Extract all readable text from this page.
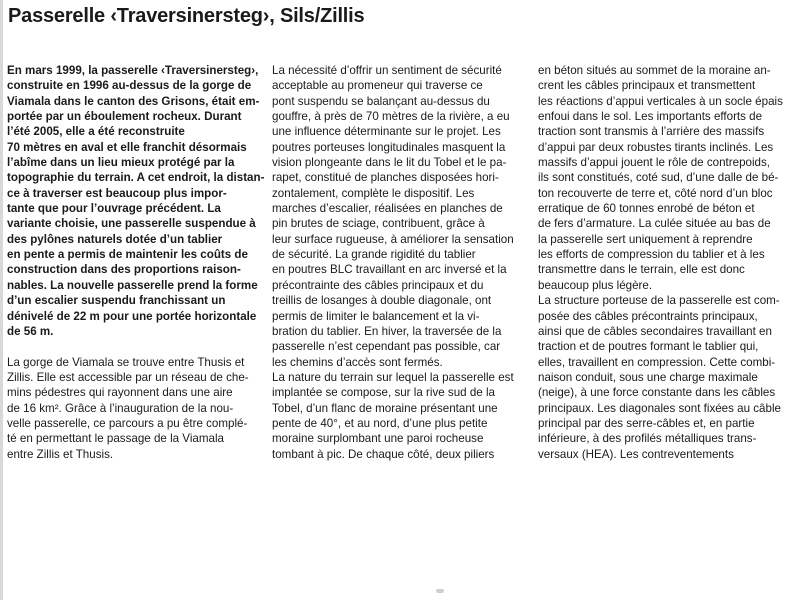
Passerelle ‹Traversinersteg›, Sils/Zillis
En mars 1999, la passerelle ‹Traversinersteg›,
construite en 1996 au-dessus de la gorge de
Viamala dans le canton des Grisons, était em-
portée par un éboulement rocheux. Durant
l’été 2005, elle a été reconstruite
70 mètres en aval et elle franchit désormais
l’abîme dans un lieu mieux protégé par la
topographie du terrain. A cet endroit, la distan-
ce à traverser est beaucoup plus impor-
tante que pour l’ouvrage précédent. La
variante choisie, une passerelle suspendue à
des pylônes naturels dotée d’un tablier
en pente a permis de maintenir les coûts de
construction dans des proportions raison-
nables. La nouvelle passerelle prend la forme
d’un escalier suspendu franchissant un
dénivelé de 22 m pour une portée horizontale
de 56 m.
La gorge de Viamala se trouve entre Thusis et
Zillis. Elle est accessible par un réseau de che-
mins pédestres qui rayonnent dans une aire
de 16 km². Grâce à l’inauguration de la nou-
velle passerelle, ce parcours a pu être complé-
té en permettant le passage de la Viamala
entre Zillis et Thusis.
La nécessité d’offrir un sentiment de sécurité
acceptable au promeneur qui traverse ce
pont suspendu se balançant au-dessus du
gouffre, à près de 70 mètres de la rivière, a eu
une influence déterminante sur le projet. Les
poutres porteuses longitudinales masquent la
vision plongeante dans le lit du Tobel et le pa-
rapet, constitué de planches disposées hori-
zontalement, complète le dispositif. Les
marches d’escalier, réalisées en planches de
pin brutes de sciage, contribuent, grâce à
leur surface rugueuse, à améliorer la sensation
de sécurité. La grande rigidité du tablier
en poutres BLC travaillant en arc inversé et la
précontrainte des câbles principaux et du
treillis de losanges à double diagonale, ont
permis de limiter le balancement et la vi-
bration du tablier. En hiver, la traversée de la
passerelle n’est cependant pas possible, car
les chemins d’accès sont fermés.
La nature du terrain sur lequel la passerelle est
implantée se compose, sur la rive sud de la
Tobel, d’un flanc de moraine présentant une
pente de 40°, et au nord, d’une plus petite
moraine surplombant une paroi rocheuse
tombant à pic. De chaque côté, deux piliers
en béton situés au sommet de la moraine an-
crent les câbles principaux et transmettent
les réactions d’appui verticales à un socle épais
enfoui dans le sol. Les importants efforts de
traction sont transmis à l’arrière des massifs
d’appui par deux robustes tirants inclinés. Les
massifs d’appui jouent le rôle de contrepoids,
ils sont constitués, coté sud, d’une dalle de bé-
ton recouverte de terre et, côté nord d’un bloc
erratique de 60 tonnes enrobé de béton et
de fers d’armature. La culée située au bas de
la passerelle sert uniquement à reprendre
les efforts de compression du tablier et à les
transmettre dans le terrain, elle est donc
beaucoup plus légère.
La structure porteuse de la passerelle est com-
posée des câbles précontraints principaux,
ainsi que de câbles secondaires travaillant en
traction et de poutres formant le tablier qui,
elles, travaillent en compression. Cette combi-
naison conduit, sous une charge maximale
(neige), à une force constante dans les câbles
principaux. Les diagonales sont fixées au câble
principal par des serre-câbles et, en partie
inférieure, à des profilés métalliques trans-
versaux (HEA). Les contreventements
